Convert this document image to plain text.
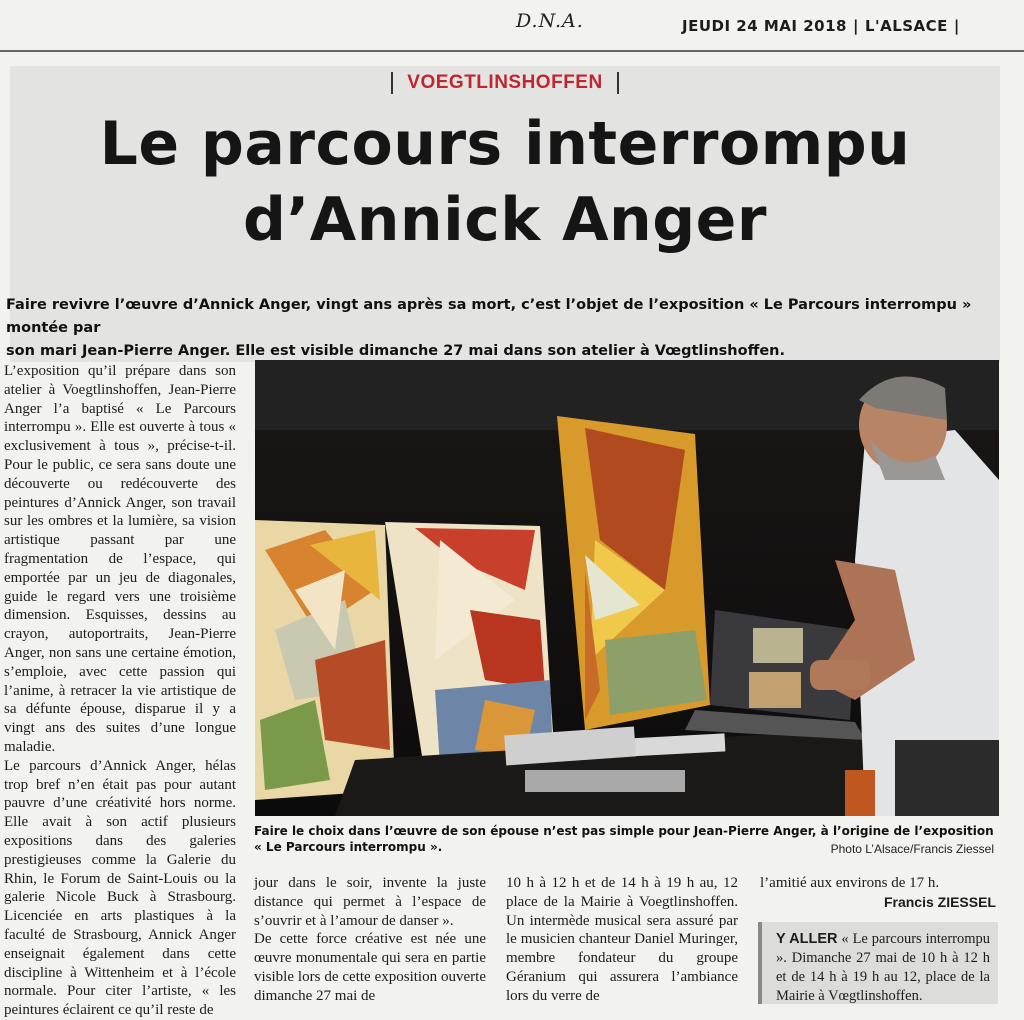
D.N.A.	JEUDI 24 MAI 2018 | L'ALSACE |
VOEGTLINSHOFFEN
Le parcours interrompu
d’Annick Anger
Faire revivre l’œuvre d’Annick Anger, vingt ans après sa mort, c’est l’objet de l’exposition « Le Parcours interrompu » montée par
son mari Jean-Pierre Anger. Elle est visible dimanche 27 mai dans son atelier à Vœgtlinshoffen.

L’exposition qu’il prépare dans son atelier à Voegtlinshoffen, Jean-Pierre Anger l’a baptisé « Le Parcours interrompu ». Elle est ouverte à tous « exclusivement à tous », précise-t-il. Pour le public, ce sera sans doute une découverte ou redécouverte des peintures d’Annick Anger, son travail sur les ombres et la lumière, sa vision artistique passant par une fragmentation de l’espace, qui emportée par un jeu de diagonales, guide le regard vers une troisième dimension. Esquisses, dessins au crayon, autoportraits, Jean-Pierre Anger, non sans une certaine émotion, s’emploie, avec cette passion qui l’anime, à retracer la vie artistique de sa défunte épouse, disparue il y a vingt ans des suites d’une longue maladie.

Le parcours d’Annick Anger, hélas trop bref n’en était pas pour autant pauvre d’une créativité hors norme. Elle avait à son actif plusieurs expositions dans des galeries prestigieuses comme la Galerie du Rhin, le Forum de Saint-Louis ou la galerie Nicole Buck à Strasbourg. Licenciée en arts plastiques à la faculté de Strasbourg, Annick Anger enseignait également dans cette discipline à Wittenheim et à l’école normale. Pour citer l’artiste, « les peintures éclairent ce qu’il reste de

Faire le choix dans l’œuvre de son épouse n’est pas simple pour Jean-Pierre Anger, à l’origine de l’exposition « Le Parcours interrompu ».	Photo L’Alsace/Francis Ziessel

jour dans le soir, invente la juste distance qui permet à l’espace de s’ouvrir et à l’amour de danser ».

De cette force créative est née une œuvre monumentale qui sera en partie visible lors de cette exposition ouverte dimanche 27 mai de

10 h à 12 h et de 14 h à 19 h au, 12 place de la Mairie à Voegtlinshoffen. Un intermède musical sera assuré par le musicien chanteur Daniel Muringer, membre fondateur du groupe Géranium qui assurera l’ambiance lors du verre de

l’amitié aux environs de 17 h.

Francis ZIESSEL

Y ALLER « Le parcours interrompu ». Dimanche 27 mai de 10 h à 12 h et de 14 h à 19 h au 12, place de la Mairie à Vœgtlinshoffen.
